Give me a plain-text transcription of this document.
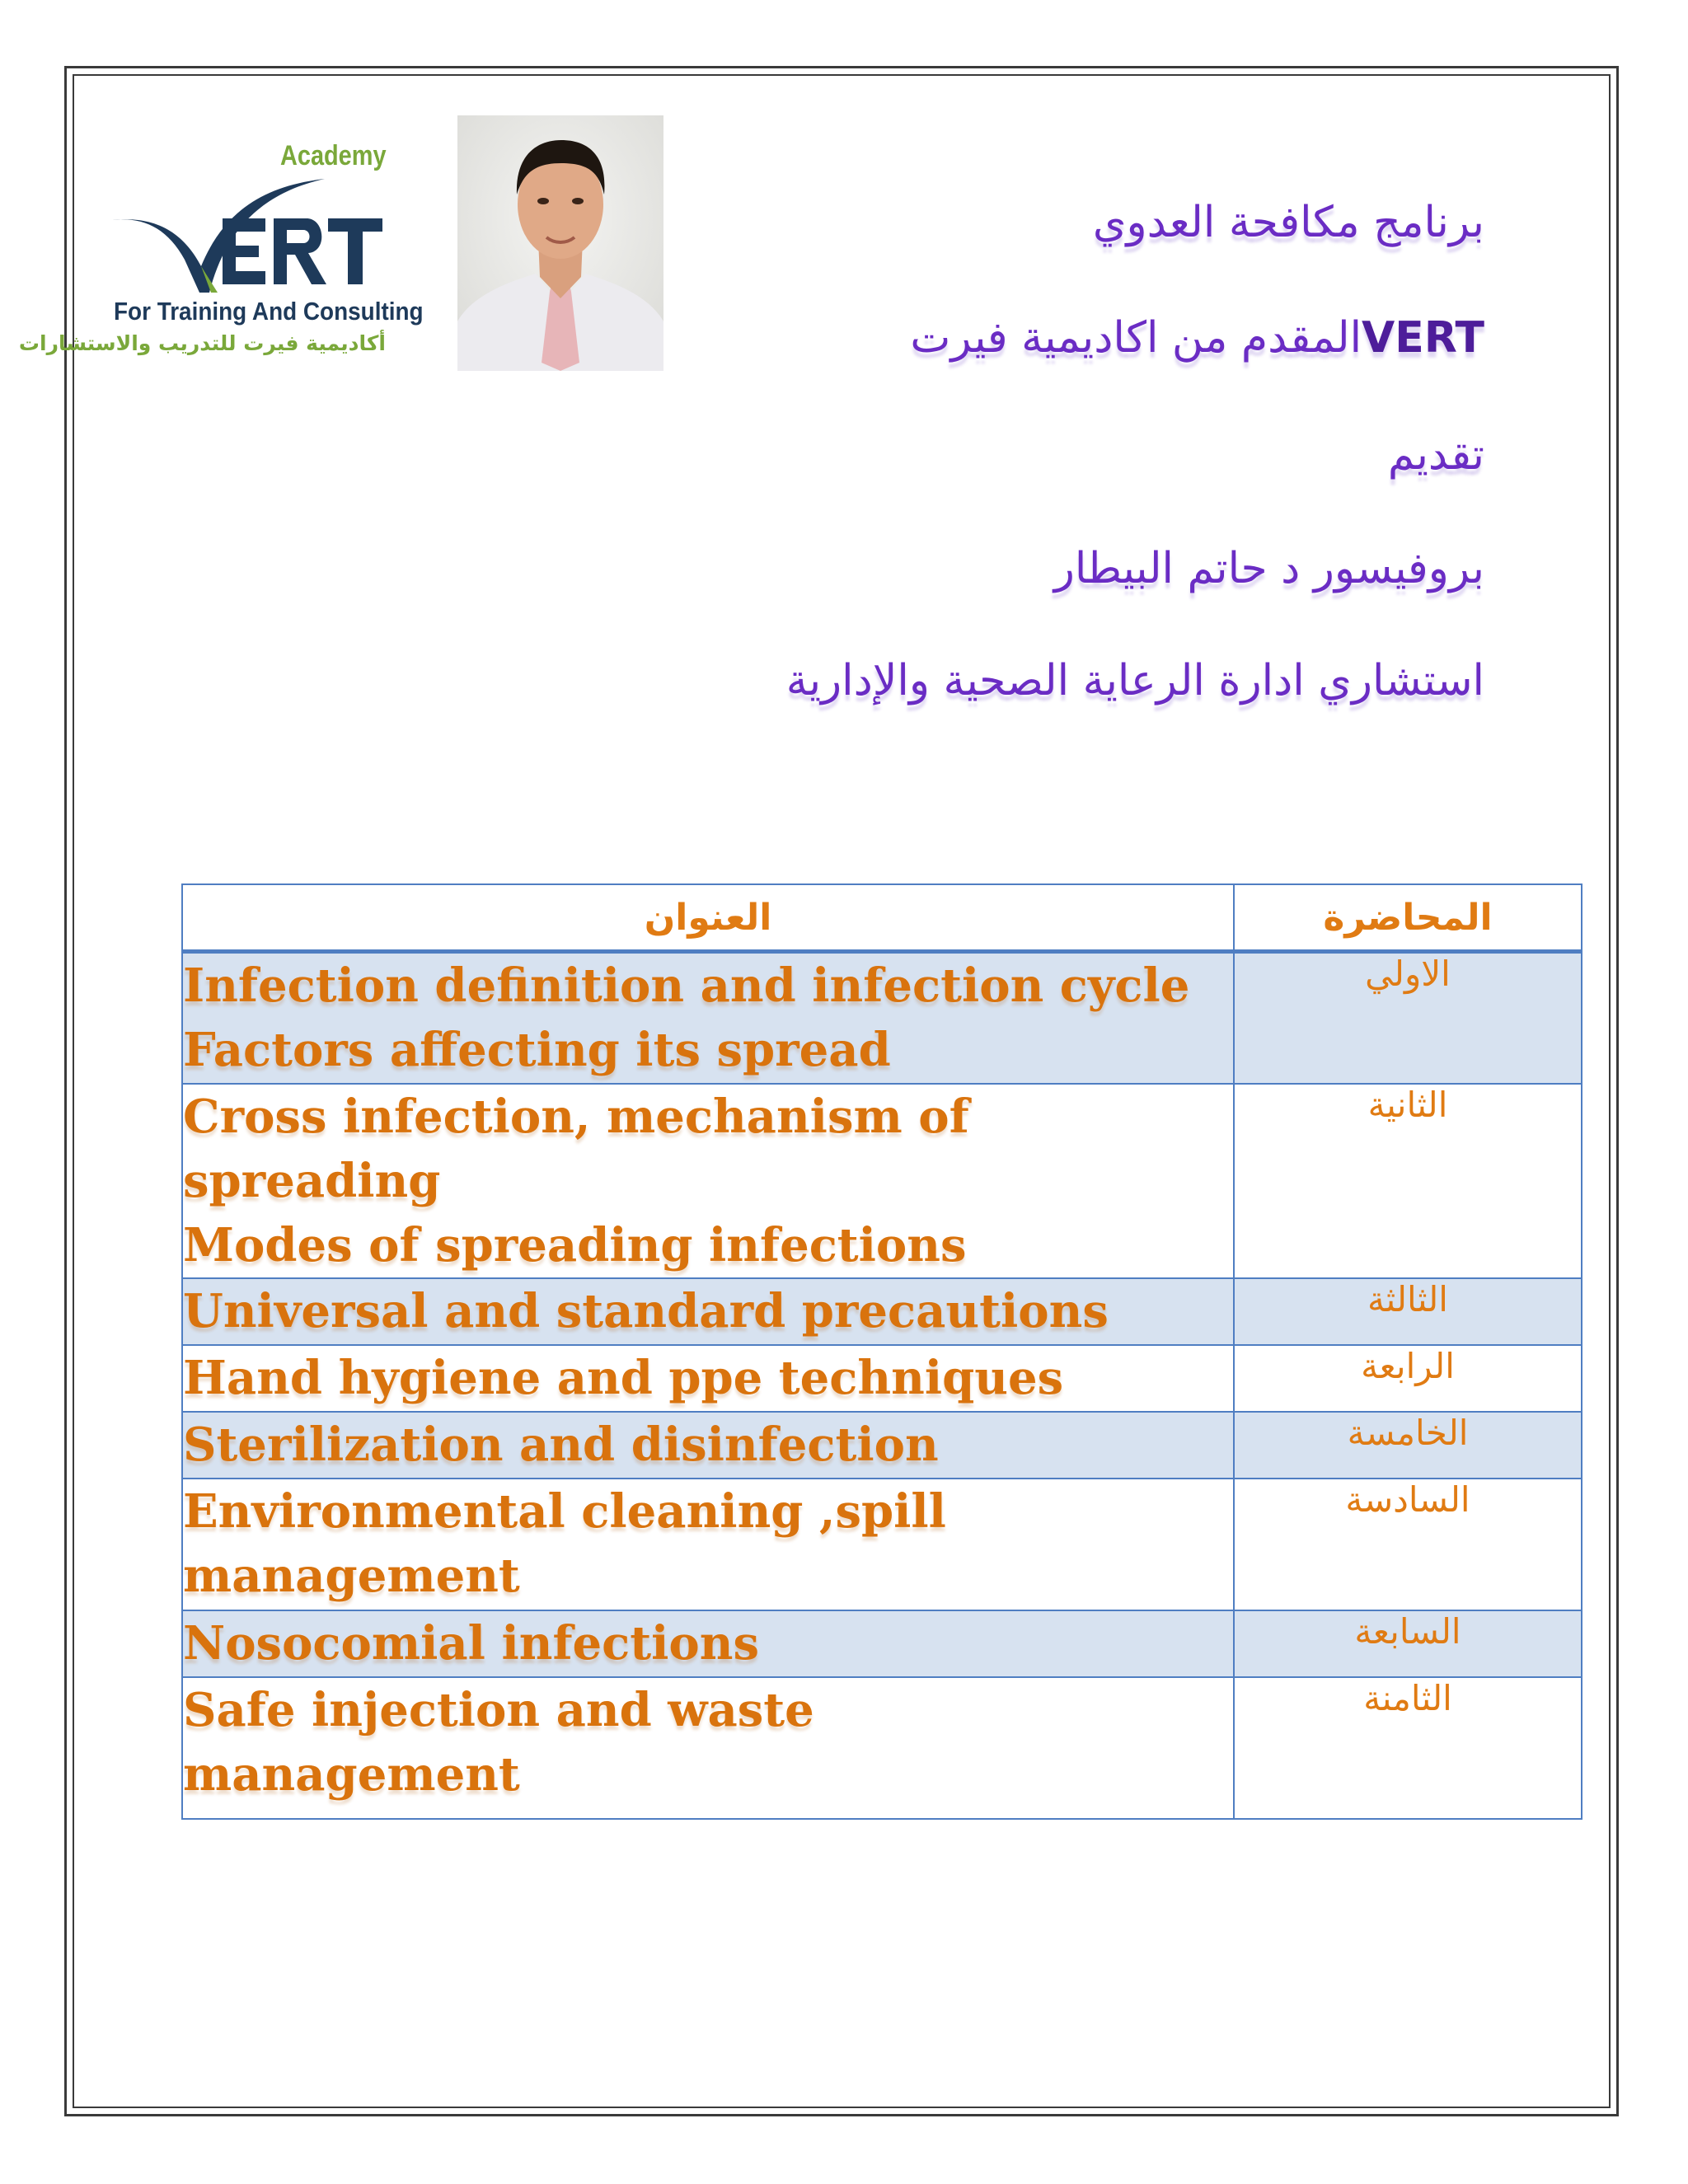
Academy
For Training And Consulting
أكاديمية فيرت للتدريب والاستشارات
برنامج مكافحة العدوي
VERTالمقدم من اكاديمية فيرت
تقديم
بروفيسور د حاتم البيطار
استشاري ادارة الرعاية الصحية والإدارية
العنوان	المحاضرة

Infection definition and infection cycle
Factors affecting its spread	الاولي

Cross infection, mechanism of spreading
Modes of spreading infections	الثانية

Universal and standard precautions	الثالثة

Hand hygiene and ppe techniques	الرابعة

Sterilization and disinfection	الخامسة

Environmental cleaning ,spill
management	السادسة

Nosocomial infections	السابعة

Safe injection and waste
management	الثامنة
